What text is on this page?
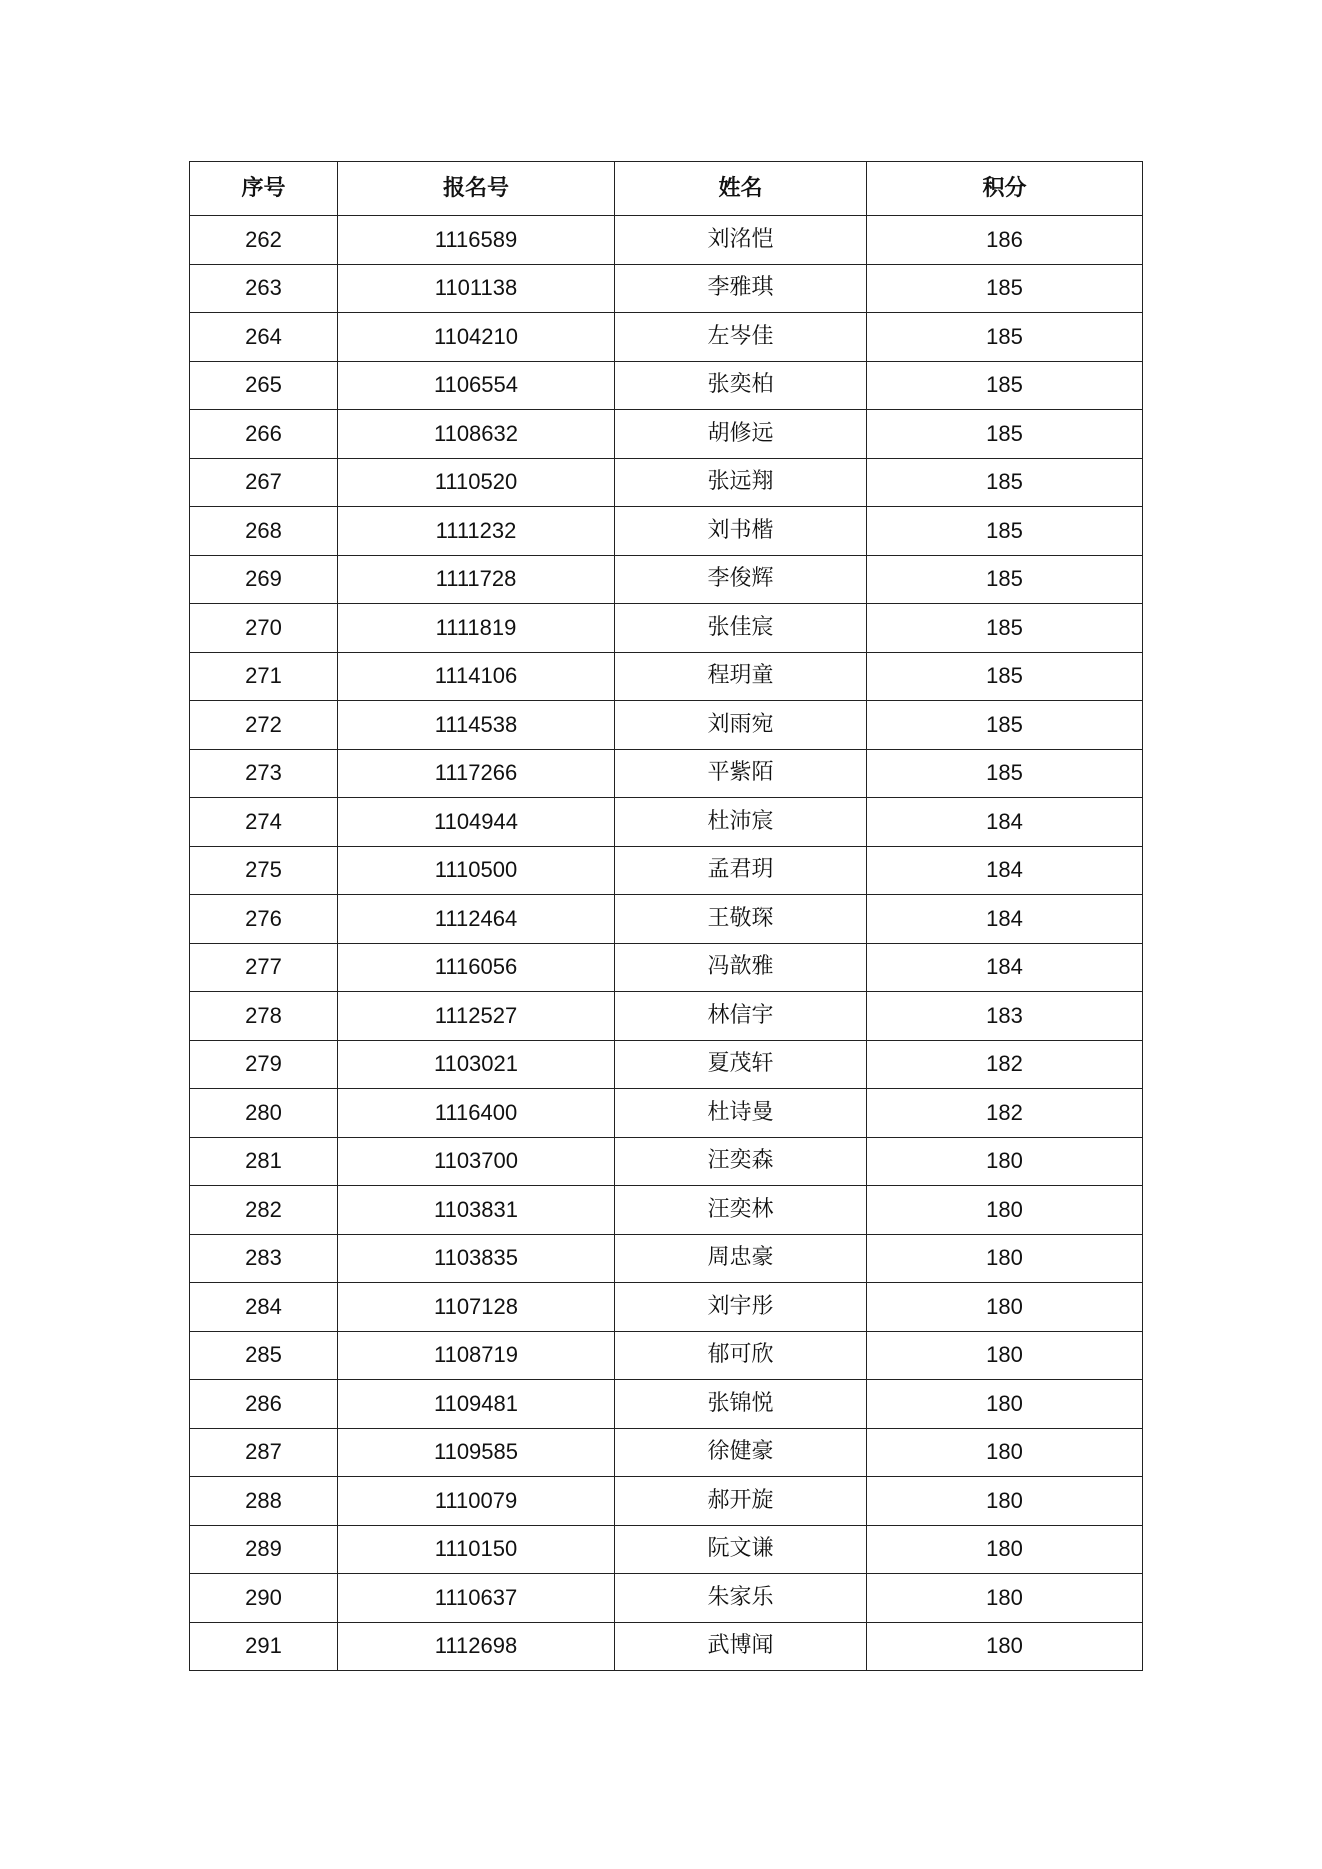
序号	报名号	姓名	积分
262	1116589	刘洺恺	186
263	1101138	李雅琪	185
264	1104210	左岑佳	185
265	1106554	张奕柏	185
266	1108632	胡修远	185
267	1110520	张远翔	185
268	1111232	刘书楷	185
269	1111728	李俊辉	185
270	1111819	张佳宸	185
271	1114106	程玥童	185
272	1114538	刘雨宛	185
273	1117266	平紫陌	185
274	1104944	杜沛宸	184
275	1110500	孟君玥	184
276	1112464	王敬琛	184
277	1116056	冯歆雅	184
278	1112527	林信宇	183
279	1103021	夏茂轩	182
280	1116400	杜诗曼	182
281	1103700	汪奕森	180
282	1103831	汪奕林	180
283	1103835	周忠豪	180
284	1107128	刘宇彤	180
285	1108719	郁可欣	180
286	1109481	张锦悦	180
287	1109585	徐健豪	180
288	1110079	郝开旋	180
289	1110150	阮文谦	180
290	1110637	朱家乐	180
291	1112698	武博闻	180
